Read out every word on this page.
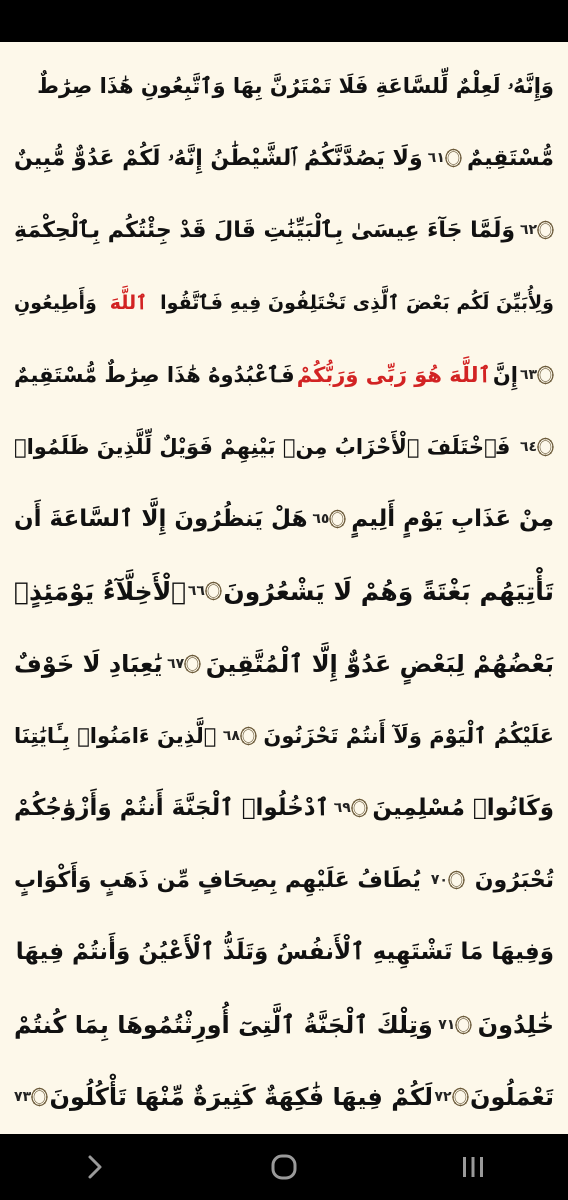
وَإِنَّهُۥ لَعِلْمٌ لِّلسَّاعَةِ فَلَا تَمْتَرُنَّ بِهَا وَٱتَّبِعُونِ هَٰذَا صِرَٰطٌ
مُّسْتَقِيمٌ
٦١
وَلَا يَصُدَّنَّكُمُ ٱلشَّيْطَٰنُ إِنَّهُۥ لَكُمْ عَدُوٌّ مُّبِينٌ
٦٢
وَلَمَّا جَآءَ عِيسَىٰ بِٱلْبَيِّنَٰتِ قَالَ قَدْ جِئْتُكُم بِٱلْحِكْمَةِ
وَلِأُبَيِّنَ لَكُم بَعْضَ ٱلَّذِى تَخْتَلِفُونَ فِيهِ فَٱتَّقُوا
ٱللَّهَ
وَأَطِيعُونِ
٦٣
إِنَّ
ٱللَّهَ هُوَ رَبِّى وَرَبُّكُمْ
فَٱعْبُدُوهُ هَٰذَا صِرَٰطٌ مُّسْتَقِيمٌ
٦٤
فَٱخْتَلَفَ ٱلْأَحْزَابُ مِنۢ بَيْنِهِمْ فَوَيْلٌ لِّلَّذِينَ ظَلَمُوا۟
مِنْ عَذَابِ يَوْمٍ أَلِيمٍ
٦٥
هَلْ يَنظُرُونَ إِلَّا ٱلسَّاعَةَ أَن
تَأْتِيَهُم بَغْتَةً وَهُمْ لَا يَشْعُرُونَ
٦٦
ٱلْأَخِلَّآءُ يَوْمَئِذٍۭ
بَعْضُهُمْ لِبَعْضٍ عَدُوٌّ إِلَّا ٱلْمُتَّقِينَ
٦٧
يَٰعِبَادِ لَا خَوْفٌ
عَلَيْكُمُ ٱلْيَوْمَ وَلَآ أَنتُمْ تَحْزَنُونَ
٦٨
ٱلَّذِينَ ءَامَنُوا۟ بِـَٔايَٰتِنَا
وَكَانُوا۟ مُسْلِمِينَ
٦٩
ٱدْخُلُوا۟ ٱلْجَنَّةَ أَنتُمْ وَأَزْوَٰجُكُمْ
تُحْبَرُونَ
٧٠
يُطَافُ عَلَيْهِم بِصِحَافٍ مِّن ذَهَبٍ وَأَكْوَابٍ
وَفِيهَا مَا تَشْتَهِيهِ ٱلْأَنفُسُ وَتَلَذُّ ٱلْأَعْيُنُ وَأَنتُمْ فِيهَا
خَٰلِدُونَ
٧١
وَتِلْكَ ٱلْجَنَّةُ ٱلَّتِىٓ أُورِثْتُمُوهَا بِمَا كُنتُمْ
تَعْمَلُونَ
٧٢
لَكُمْ فِيهَا فَٰكِهَةٌ كَثِيرَةٌ مِّنْهَا تَأْكُلُونَ
٧٣
